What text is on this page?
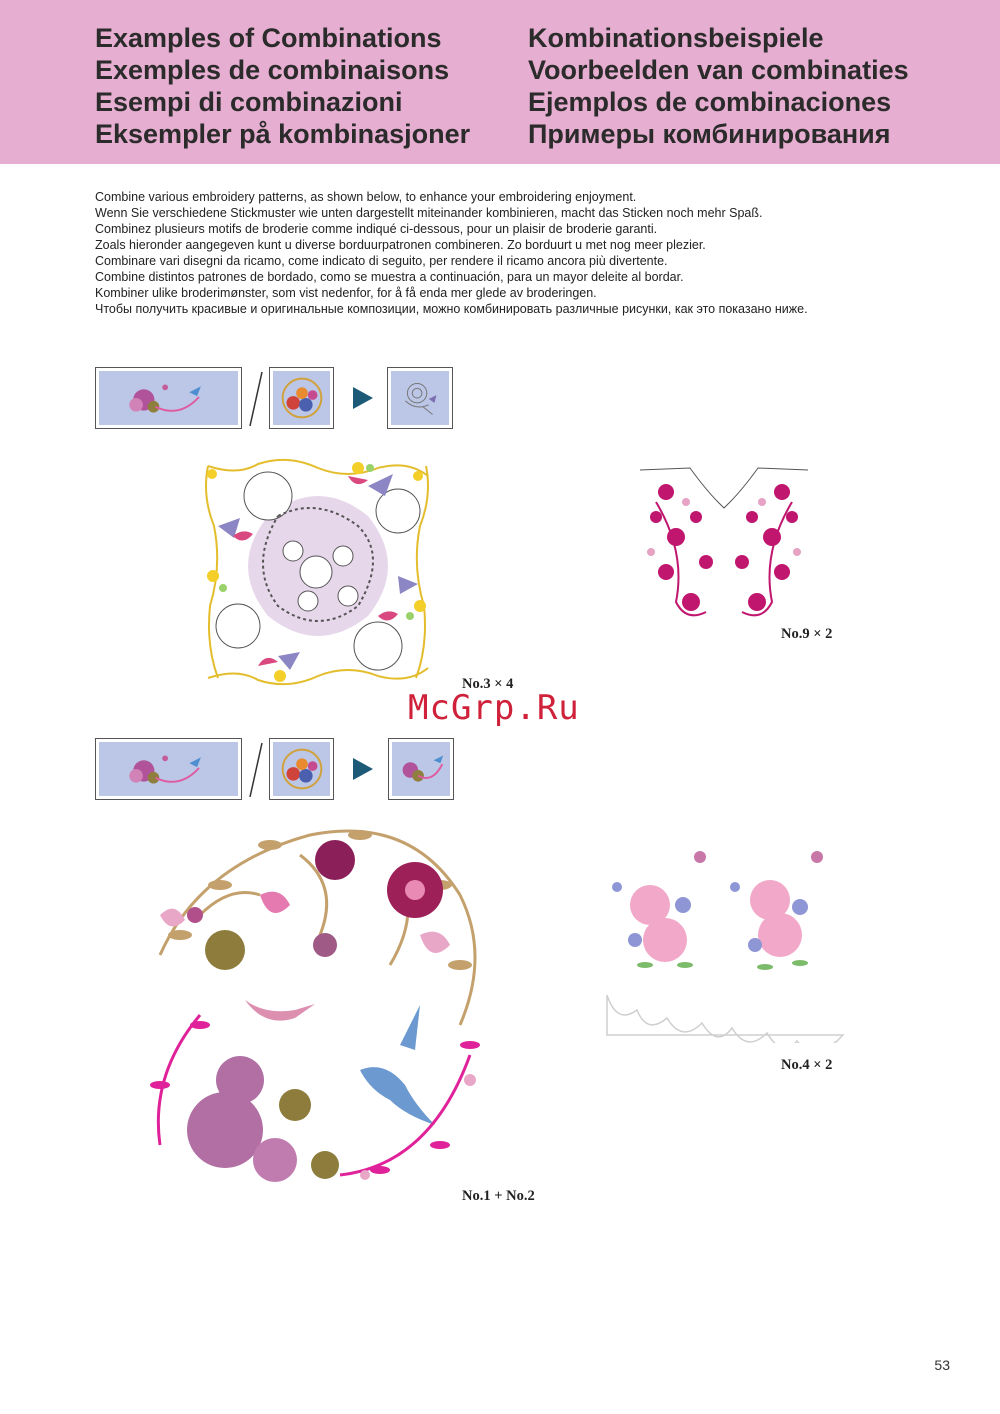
Examples of Combinations
Exemples de combinaisons
Esempi di combinazioni
Eksempler på kombinasjoner
Kombinationsbeispiele
Voorbeelden van combinaties
Ejemplos de combinaciones
Примеры комбинирования
Combine various embroidery patterns, as shown below, to enhance your embroidering enjoyment.
Wenn Sie verschiedene Stickmuster wie unten dargestellt miteinander kombinieren, macht das Sticken noch mehr Spaß.
Combinez plusieurs motifs de broderie comme indiqué ci-dessous, pour un plaisir de broderie garanti.
Zoals hieronder aangegeven kunt u diverse borduurpatronen combineren. Zo borduurt u met nog meer plezier.
Combinare vari disegni da ricamo, come indicato di seguito, per rendere il ricamo ancora più divertente.
Combine distintos patrones de bordado, como se muestra a continuación, para un mayor deleite al bordar.
Kombiner ulike broderimønster, som vist nedenfor, for å få enda mer glede av broderingen.
Чтобы получить красивые и оригинальные композиции, можно комбинировать различные рисунки, как это показано ниже.
No.3 × 4
No.9 × 2
McGrp.Ru
No.1 + No.2
No.4 × 2
53
